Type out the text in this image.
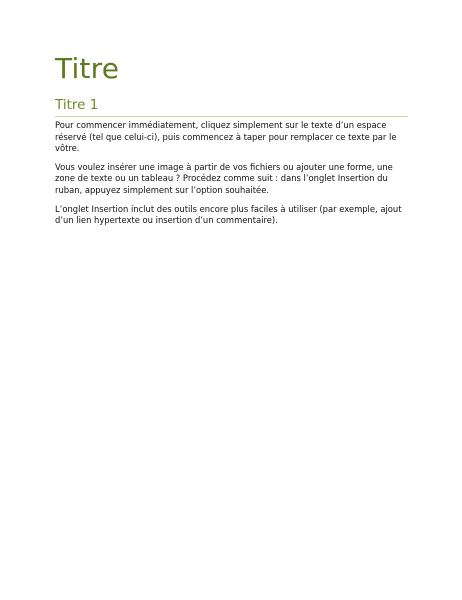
Titre
Titre 1

Pour commencer immédiatement, cliquez simplement sur le texte d’un espace réservé (tel que celui-ci), puis commencez à taper pour remplacer ce texte par le vôtre.

Vous voulez insérer une image à partir de vos fichiers ou ajouter une forme, une zone de texte ou un tableau ? Procédez comme suit : dans l’onglet Insertion du ruban, appuyez simplement sur l’option souhaitée.

L’onglet Insertion inclut des outils encore plus faciles à utiliser (par exemple, ajout d’un lien hypertexte ou insertion d’un commentaire).
